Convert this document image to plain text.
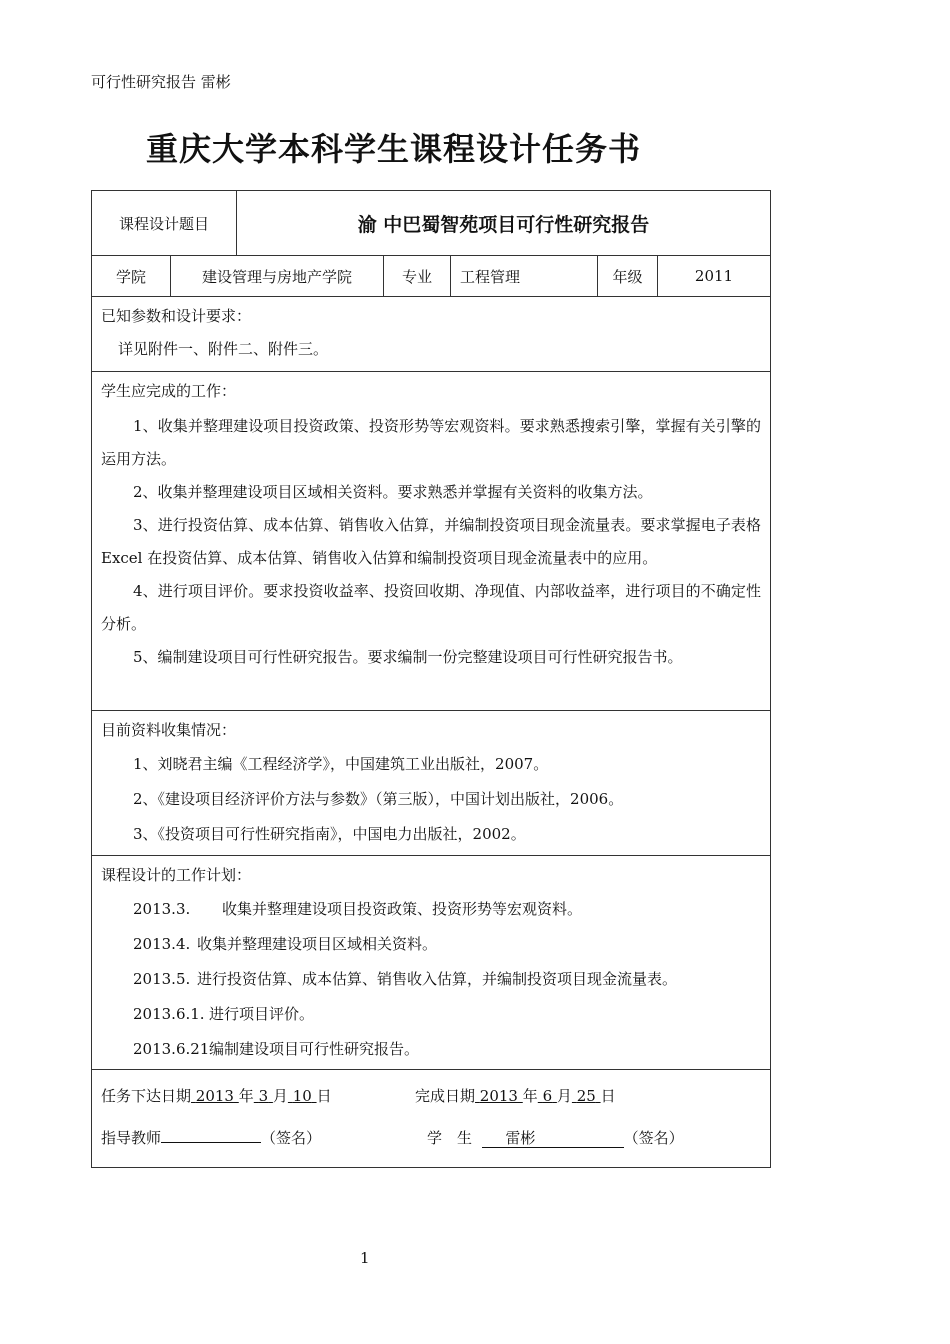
可行性研究报告 雷彬
重庆大学本科学生课程设计任务书
课程设计题目	渝 中巴蜀智苑项目可行性研究报告
学院	建设管理与房地产学院	专业	工程管理	年级	2011
已知参数和设计要求：
详见附件一、附件二、附件三。
学生应完成的工作：
1、收集并整理建设项目投资政策、投资形势等宏观资料。要求熟悉搜索引擎，掌握有关引擎的运用方法。
2、收集并整理建设项目区域相关资料。要求熟悉并掌握有关资料的收集方法。
3、进行投资估算、成本估算、销售收入估算，并编制投资项目现金流量表。要求掌握电子表格 Excel 在投资估算、成本估算、销售收入估算和编制投资项目现金流量表中的应用。
4、进行项目评价。要求投资收益率、投资回收期、净现值、内部收益率，进行项目的不确定性分析。
5、编制建设项目可行性研究报告。要求编制一份完整建设项目可行性研究报告书。
目前资料收集情况：
1、刘晓君主编《工程经济学》，中国建筑工业出版社，2007。
2、《建设项目经济评价方法与参数》（第三版），中国计划出版社，2006。
3、《投资项目可行性研究指南》，中国电力出版社，2002。
课程设计的工作计划：
2013.3. 收集并整理建设项目投资政策、投资形势等宏观资料。
2013.4. 收集并整理建设项目区域相关资料。
2013.5. 进行投资估算、成本估算、销售收入估算，并编制投资项目现金流量表。
2013.6.1. 进行项目评价。
2013.6.21编制建设项目可行性研究报告。
任务下达日期 2013 年 3 月 10 日	完成日期 2013 年 6 月 25 日
指导教师	（签名）	学　生 雷彬	（签名）
1
